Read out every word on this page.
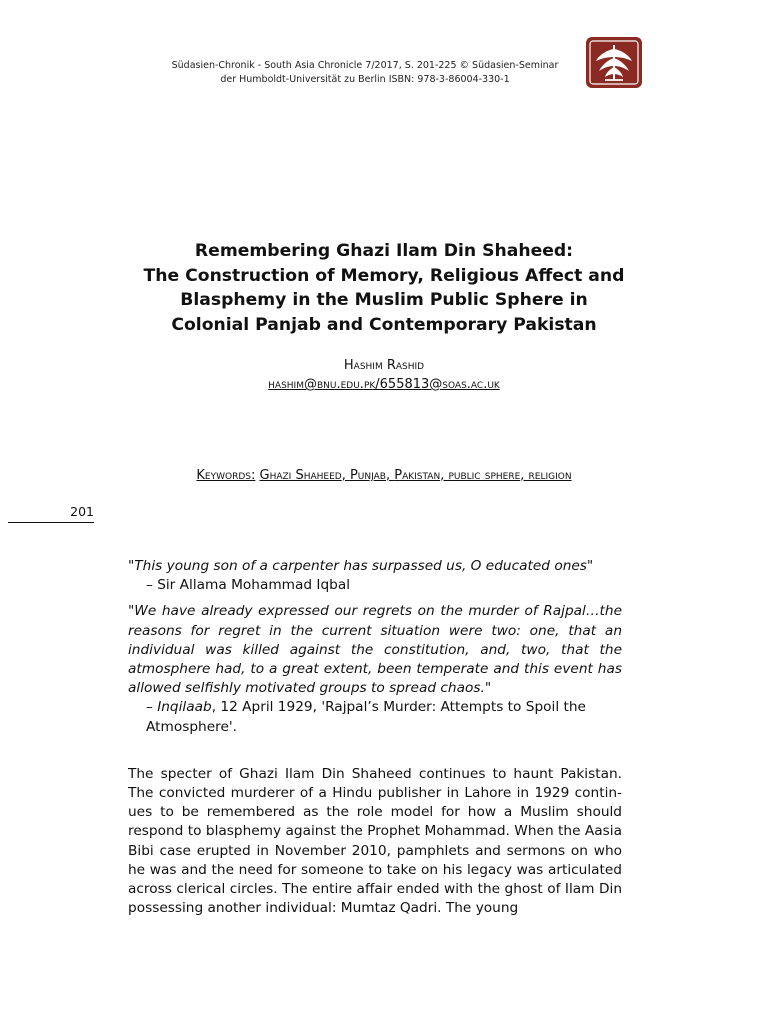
Südasien-Chronik - South Asia Chronicle 7/2017, S. 201-225 © Südasien-Seminar
der Humboldt-Universität zu Berlin ISBN: 978-3-86004-330-1
Remembering Ghazi Ilam Din Shaheed:
The Construction of Memory, Religious Affect and
Blasphemy in the Muslim Public Sphere in
Colonial Panjab and Contemporary Pakistan
Hashim Rashid
hashim@bnu.edu.pk/655813@soas.ac.uk
Keywords: Ghazi Shaheed, Punjab, Pakistan, public sphere, religion
201

"This young son of a carpenter has surpassed us, O educated ones"

– Sir Allama Mohammad Iqbal

"We have already expressed our regrets on the murder of Rajpal…the reasons for regret in the current situation were two: one, that an individual was killed against the constitution, and, two, that the atmosphere had, to a great extent, been temperate and this event has allowed selfishly motivated groups to spread chaos."

– Inqilaab, 12 April 1929, 'Rajpal’s Murder: Attempts to Spoil the Atmosphere'.

The specter of Ghazi Ilam Din Shaheed continues to haunt Pakistan. The convicted murderer of a Hindu publisher in Lahore in 1929 contin-ues to be remembered as the role model for how a Muslim should respond to blasphemy against the Prophet Mohammad. When the Aasia Bibi case erupted in November 2010, pamphlets and sermons on who he was and the need for someone to take on his legacy was articulated across clerical circles. The entire affair ended with the ghost of Ilam Din possessing another individual: Mumtaz Qadri. The young
